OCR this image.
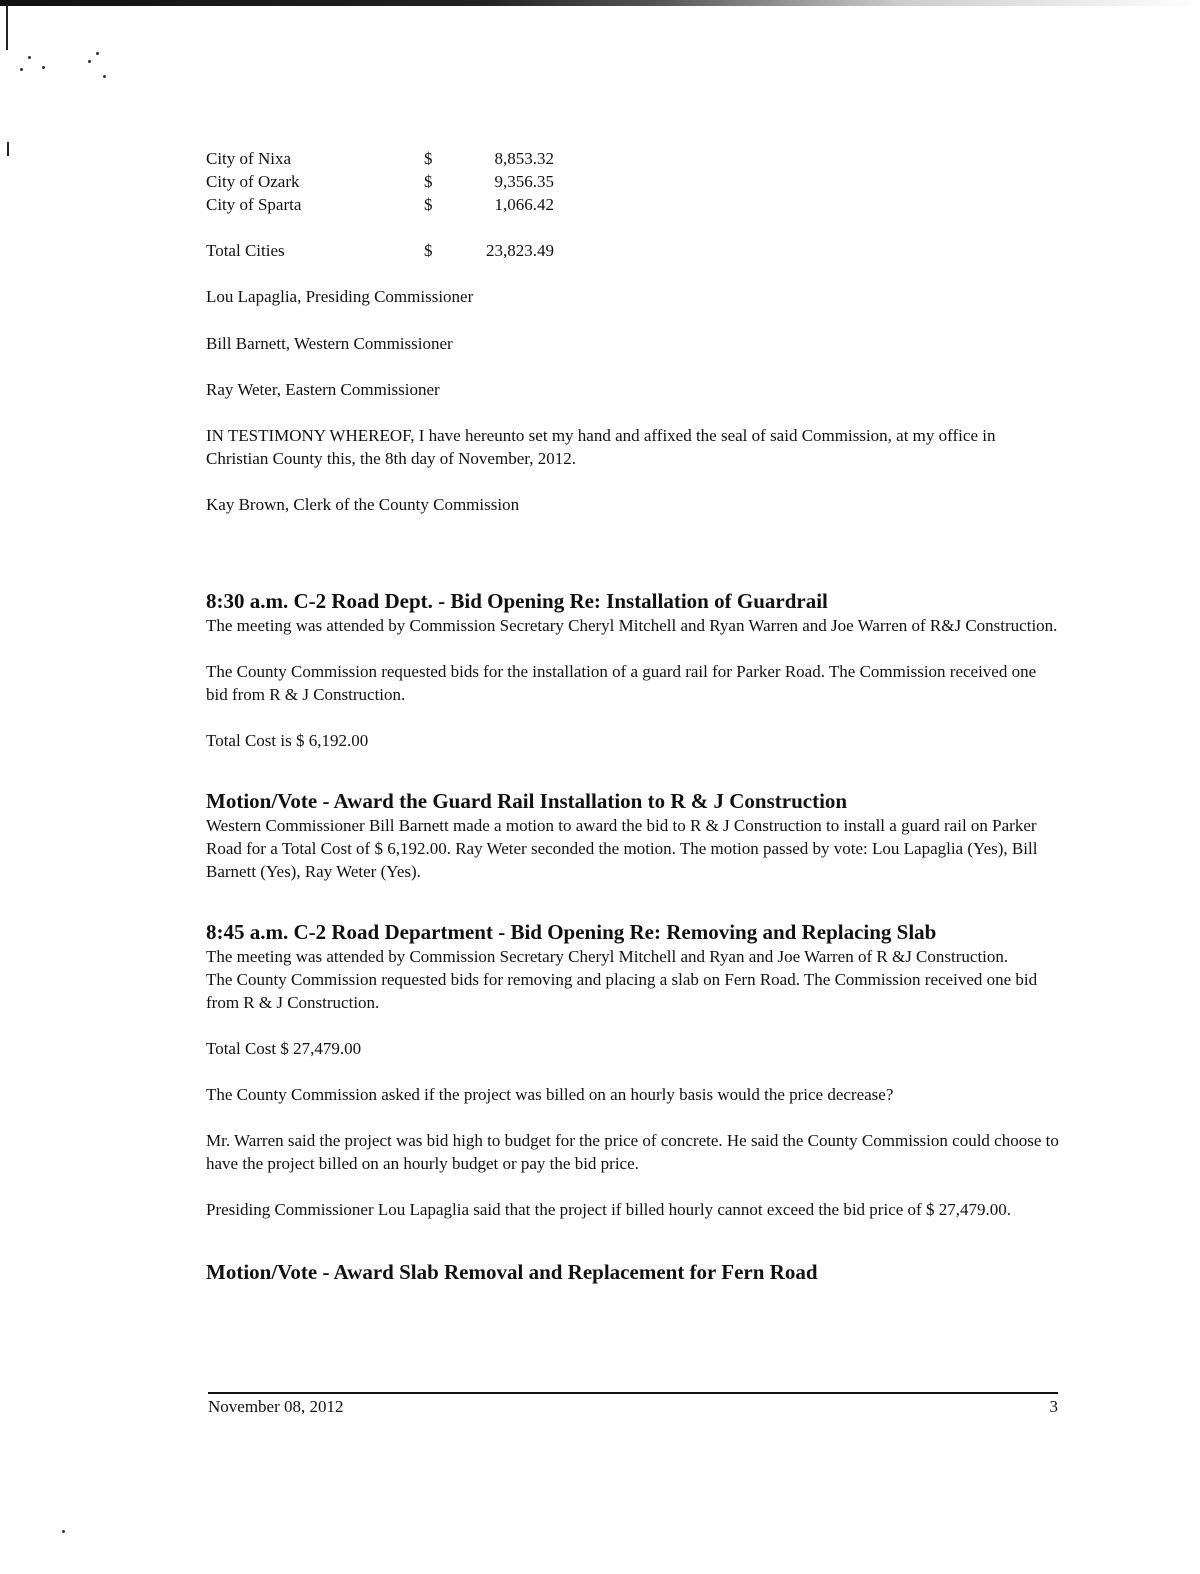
City of Nixa	$	8,853.32
City of Ozark	$	9,356.35
City of Sparta	$	1,066.42

Total Cities	$	23,823.49

Lou Lapaglia, Presiding Commissioner

Bill Barnett, Western Commissioner

Ray Weter, Eastern Commissioner

IN TESTIMONY WHEREOF, I have hereunto set my hand and affixed the seal of said Commission, at my office in Christian County this, the 8th day of November, 2012.

Kay Brown, Clerk of the County Commission

8:30 a.m. C-2 Road Dept. - Bid Opening Re: Installation of Guardrail

The meeting was attended by Commission Secretary Cheryl Mitchell and Ryan Warren and Joe Warren of R&J Construction.

The County Commission requested bids for the installation of a guard rail for Parker Road. The Commission received one bid from R & J Construction.

Total Cost is $ 6,192.00

Motion/Vote - Award the Guard Rail Installation to R & J Construction

Western Commissioner Bill Barnett made a motion to award the bid to R & J Construction to install a guard rail on Parker Road for a Total Cost of $ 6,192.00. Ray Weter seconded the motion. The motion passed by vote: Lou Lapaglia (Yes), Bill Barnett (Yes), Ray Weter (Yes).

8:45 a.m. C-2 Road Department - Bid Opening Re: Removing and Replacing Slab

The meeting was attended by Commission Secretary Cheryl Mitchell and Ryan and Joe Warren of R &J Construction.

The County Commission requested bids for removing and placing a slab on Fern Road. The Commission received one bid from R & J Construction.

Total Cost $ 27,479.00

The County Commission asked if the project was billed on an hourly basis would the price decrease?

Mr. Warren said the project was bid high to budget for the price of concrete. He said the County Commission could choose to have the project billed on an hourly budget or pay the bid price.

Presiding Commissioner Lou Lapaglia said that the project if billed hourly cannot exceed the bid price of $ 27,479.00.

Motion/Vote - Award Slab Removal and Replacement for Fern Road
November 08, 2012	3
